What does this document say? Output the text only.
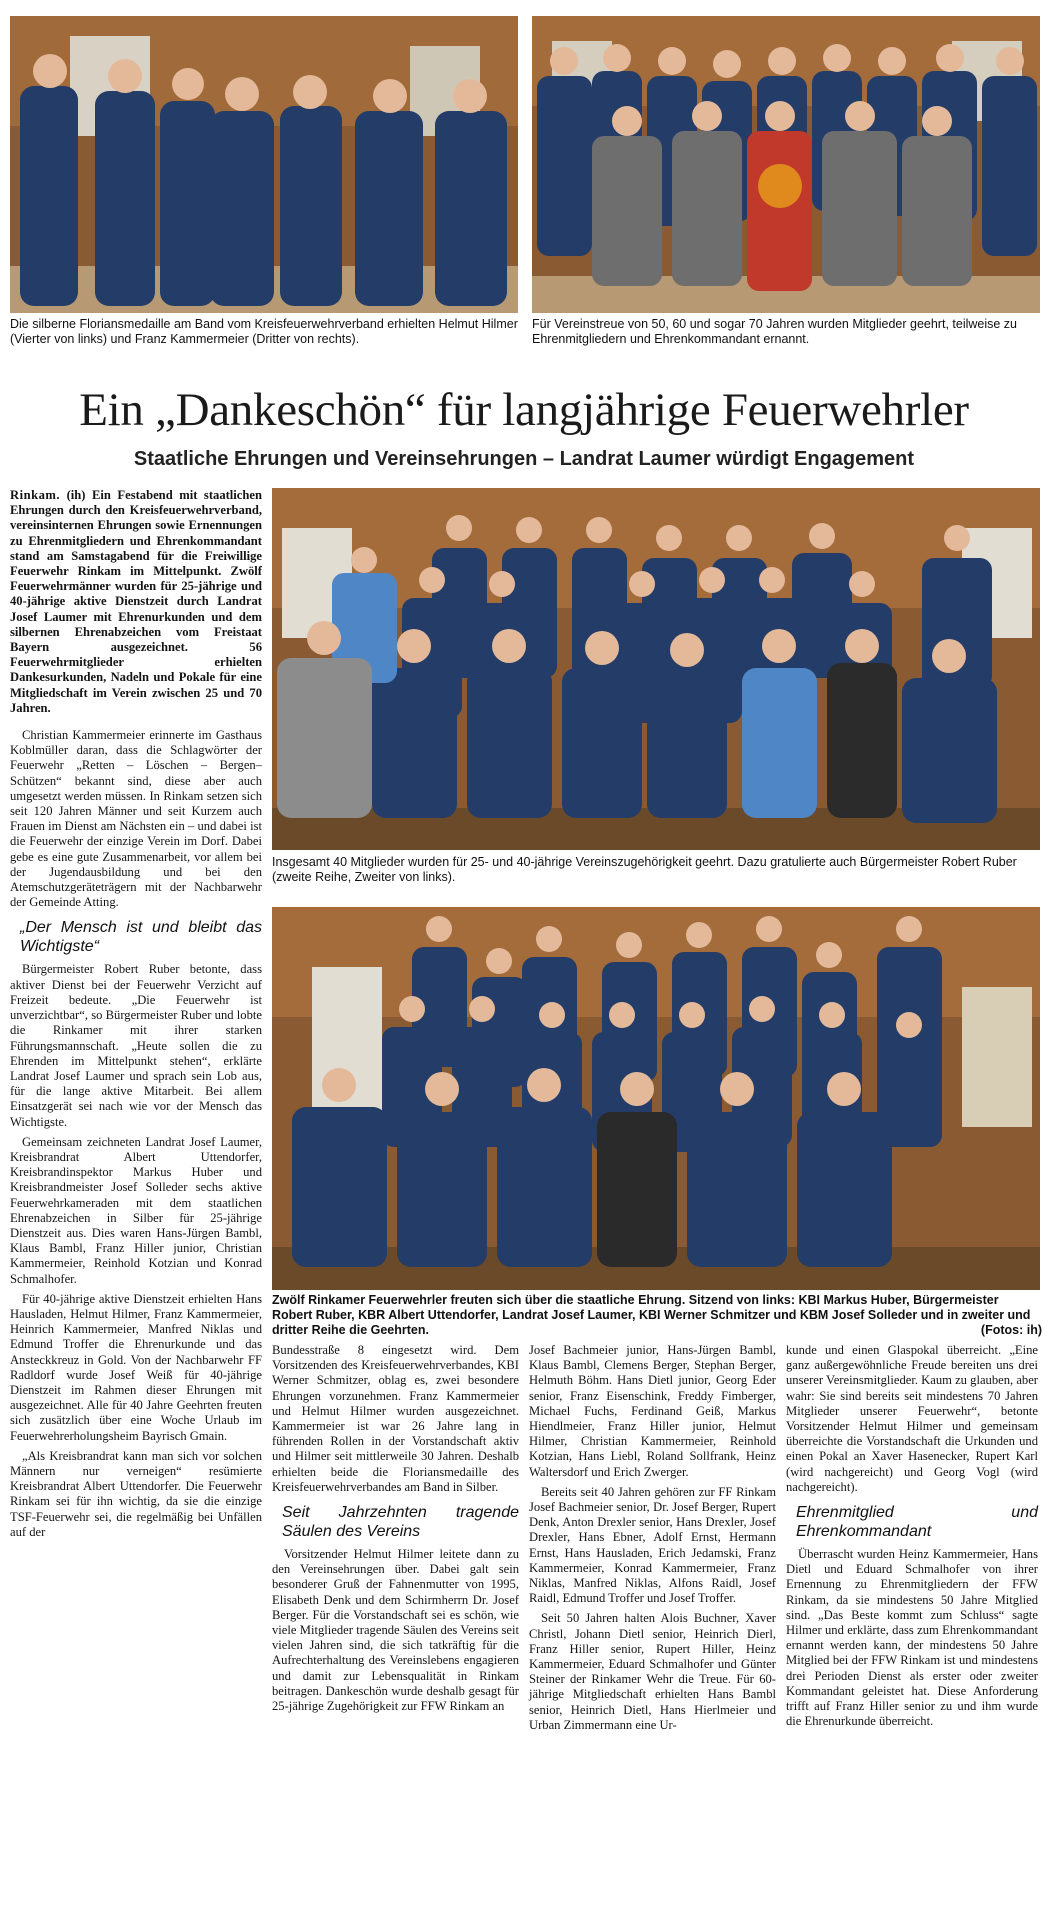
Die silberne Floriansmedaille am Band vom Kreisfeuerwehrverband erhielten Helmut Hilmer (Vierter von links) und Franz Kammermeier (Dritter von rechts).

Für Vereinstreue von 50, 60 und sogar 70 Jahren wurden Mitglieder geehrt, teilweise zu Ehrenmitgliedern und Ehrenkommandant ernannt.

Ein „Dankeschön“ für langjährige Feuerwehrler
Staatliche Ehrungen und Vereinsehrungen – Landrat Laumer würdigt Engagement

Insgesamt 40 Mitglieder wurden für 25- und 40-jährige Vereinszugehörigkeit geehrt. Dazu gratulierte auch Bürgermeister Robert Ruber (zweite Reihe, Zweiter von links).

Zwölf Rinkamer Feuerwehrler freuten sich über die staatliche Ehrung. Sitzend von links: KBI Markus Huber, Bürgermeister Robert Ruber, KBR Albert Uttendorfer, Landrat Josef Laumer, KBI Werner Schmitzer und KBM Josef Solleder und in zweiter und dritter Reihe die Geehrten.	(Fotos: ih)

Rinkam. (ih) Ein Festabend mit staatlichen Ehrungen durch den Kreisfeuerwehrverband, vereinsinternen Ehrungen sowie Ernennungen zu Ehrenmitgliedern und Ehrenkommandant stand am Samstagabend für die Freiwillige Feuerwehr Rinkam im Mittelpunkt. Zwölf Feuerwehrmänner wurden für 25-jährige und 40-jährige aktive Dienstzeit durch Landrat Josef Laumer mit Ehrenurkunden und dem silbernen Ehrenabzeichen vom Freistaat Bayern ausgezeichnet. 56 Feuerwehrmitglieder erhielten Dankesurkunden, Nadeln und Pokale für eine Mitgliedschaft im Verein zwischen 25 und 70 Jahren.

Christian Kammermeier erinnerte im Gasthaus Koblmüller daran, dass die Schlagwörter der Feuerwehr „Retten – Löschen – Bergen–Schützen“ bekannt sind, diese aber auch umgesetzt werden müssen. In Rinkam setzen sich seit 120 Jahren Männer und seit Kurzem auch Frauen im Dienst am Nächsten ein – und dabei ist die Feuerwehr der einzige Verein im Dorf. Dabei gebe es eine gute Zusammenarbeit, vor allem bei der Jugendausbildung und bei den Atemschutzgeräteträgern mit der Nachbarwehr der Gemeinde Atting.

„Der Mensch ist und bleibt das Wichtigste“

Bürgermeister Robert Ruber betonte, dass aktiver Dienst bei der Feuerwehr Verzicht auf Freizeit bedeute. „Die Feuerwehr ist unverzichtbar“, so Bürgermeister Ruber und lobte die Rinkamer mit ihrer starken Führungsmannschaft. „Heute sollen die zu Ehrenden im Mittelpunkt stehen“, erklärte Landrat Josef Laumer und sprach sein Lob aus, für die lange aktive Mitarbeit. Bei allem Einsatzgerät sei nach wie vor der Mensch das Wichtigste.

Gemeinsam zeichneten Landrat Josef Laumer, Kreisbrandrat Albert Uttendorfer, Kreisbrandinspektor Markus Huber und Kreisbrandmeister Josef Solleder sechs aktive Feuerwehrkameraden mit dem staatlichen Ehrenabzeichen in Silber für 25-jährige Dienstzeit aus. Dies waren Hans-Jürgen Bambl, Klaus Bambl, Franz Hiller junior, Christian Kammermeier, Reinhold Kotzian und Konrad Schmalhofer.

Für 40-jährige aktive Dienstzeit erhielten Hans Hausladen, Helmut Hilmer, Franz Kammermeier, Heinrich Kammermeier, Manfred Niklas und Edmund Troffer die Ehrenurkunde und das Ansteckkreuz in Gold. Von der Nachbarwehr FF Radldorf wurde Josef Weiß für 40-jährige Dienstzeit im Rahmen dieser Ehrungen mit ausgezeichnet. Alle für 40 Jahre Geehrten freuten sich zusätzlich über eine Woche Urlaub im Feuerwehrerholungsheim Bayrisch Gmain.

„Als Kreisbrandrat kann man sich vor solchen Männern nur verneigen“ resümierte Kreisbrandrat Albert Uttendorfer. Die Feuerwehr Rinkam sei für ihn wichtig, da sie die einzige TSF-Feuerwehr sei, die regelmäßig bei Unfällen auf der

Bundesstraße 8 eingesetzt wird. Dem Vorsitzenden des Kreisfeuerwehrverbandes, KBI Werner Schmitzer, oblag es, zwei besondere Ehrungen vorzunehmen. Franz Kammermeier und Helmut Hilmer wurden ausgezeichnet. Kammermeier ist war 26 Jahre lang in führenden Rollen in der Vorstandschaft aktiv und Hilmer seit mittlerweile 30 Jahren. Deshalb erhielten beide die Floriansmedaille des Kreisfeuerwehrverbandes am Band in Silber.

Seit Jahrzehnten tragende Säulen des Vereins

Vorsitzender Helmut Hilmer leitete dann zu den Vereinsehrungen über. Dabei galt sein besonderer Gruß der Fahnenmutter von 1995, Elisabeth Denk und dem Schirmherrn Dr. Josef Berger. Für die Vorstandschaft sei es schön, wie viele Mitglieder tragende Säulen des Vereins seit vielen Jahren sind, die sich tatkräftig für die Aufrechterhaltung des Vereinslebens engagieren und damit zur Lebensqualität in Rinkam beitragen. Dankeschön wurde deshalb gesagt für 25-jährige Zugehörigkeit zur FFW Rinkam an

Josef Bachmeier junior, Hans-Jürgen Bambl, Klaus Bambl, Clemens Berger, Stephan Berger, Helmuth Böhm. Hans Dietl junior, Georg Eder senior, Franz Eisenschink, Freddy Fimberger, Michael Fuchs, Ferdinand Geiß, Markus Hiendlmeier, Franz Hiller junior, Helmut Hilmer, Christian Kammermeier, Reinhold Kotzian, Hans Liebl, Roland Sollfrank, Heinz Waltersdorf und Erich Zwerger.

Bereits seit 40 Jahren gehören zur FF Rinkam Josef Bachmeier senior, Dr. Josef Berger, Rupert Denk, Anton Drexler senior, Hans Drexler, Josef Drexler, Hans Ebner, Adolf Ernst, Hermann Ernst, Hans Hausladen, Erich Jedamski, Franz Kammermeier, Konrad Kammermeier, Franz Niklas, Manfred Niklas, Alfons Raidl, Josef Raidl, Edmund Troffer und Josef Troffer.

Seit 50 Jahren halten Alois Buchner, Xaver Christl, Johann Dietl senior, Heinrich Dierl, Franz Hiller senior, Rupert Hiller, Heinz Kammermeier, Eduard Schmalhofer und Günter Steiner der Rinkamer Wehr die Treue. Für 60-jährige Mitgliedschaft erhielten Hans Bambl senior, Heinrich Dietl, Hans Hierlmeier und Urban Zimmermann eine Ur-

kunde und einen Glaspokal überreicht. „Eine ganz außergewöhnliche Freude bereiten uns drei unserer Vereinsmitglieder. Kaum zu glauben, aber wahr: Sie sind bereits seit mindestens 70 Jahren Mitglieder unserer Feuerwehr“, betonte Vorsitzender Helmut Hilmer und gemeinsam überreichte die Vorstandschaft die Urkunden und einen Pokal an Xaver Hasenecker, Rupert Karl (wird nachgereicht) und Georg Vogl (wird nachgereicht).

Ehrenmitglied und Ehrenkommandant

Überrascht wurden Heinz Kammermeier, Hans Dietl und Eduard Schmalhofer von ihrer Ernennung zu Ehrenmitgliedern der FFW Rinkam, da sie mindestens 50 Jahre Mitglied sind. „Das Beste kommt zum Schluss“ sagte Hilmer und erklärte, dass zum Ehrenkommandant ernannt werden kann, der mindestens 50 Jahre Mitglied bei der FFW Rinkam ist und mindestens drei Perioden Dienst als erster oder zweiter Kommandant geleistet hat. Diese Anforderung trifft auf Franz Hiller senior zu und ihm wurde die Ehrenurkunde überreicht.
